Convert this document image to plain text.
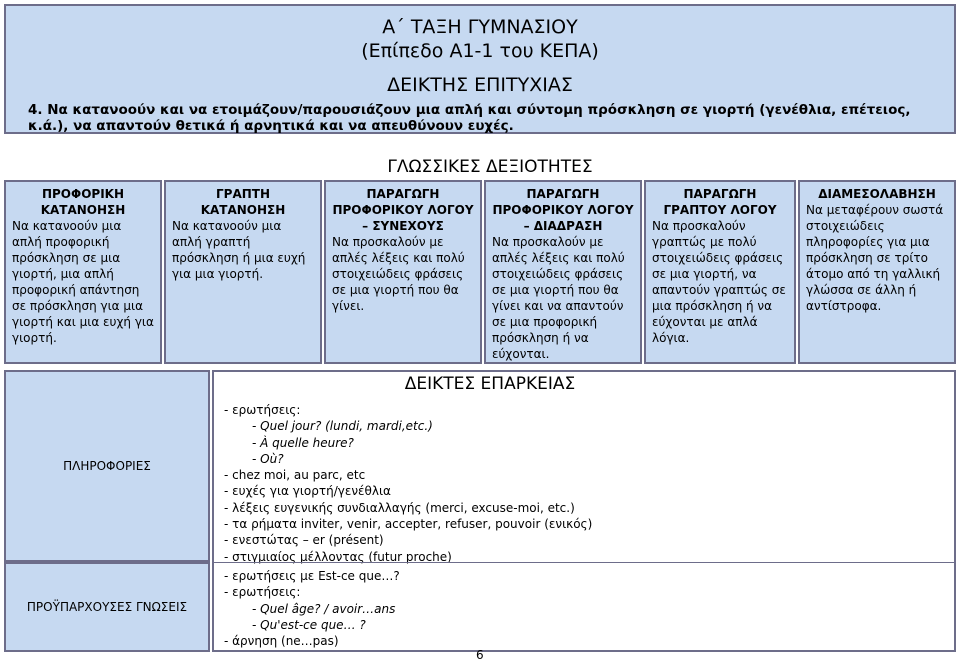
Α΄ ΤΑΞΗ ΓΥΜΝΑΣΙΟΥ
(Επίπεδο Α1-1 του ΚΕΠΑ)
ΔΕΙΚΤΗΣ ΕΠΙΤΥΧΙΑΣ
4. Να κατανοούν και να ετοιμάζουν/παρουσιάζουν μια απλή και σύντομη πρόσκληση σε γιορτή (γενέθλια, επέτειος, κ.ά.), να απαντούν θετικά ή αρνητικά και να απευθύνουν ευχές.
ΓΛΩΣΣΙΚΕΣ ΔΕΞΙΟΤΗΤΕΣ
ΠΡΟΦΟΡΙΚΗ ΚΑΤΑΝΟΗΣΗ
Να κατανοούν μια απλή προφορική πρόσκληση σε μια γιορτή, μια απλή προφορική απάντηση σε πρόσκληση για μια γιορτή και μια ευχή για γιορτή.
ΓΡΑΠΤΗ ΚΑΤΑΝΟΗΣΗ
Να κατανοούν μια απλή γραπτή πρόσκληση ή μια ευχή για μια γιορτή.
ΠΑΡΑΓΩΓΗ ΠΡΟΦΟΡΙΚΟΥ ΛΟΓΟΥ – ΣΥΝΕΧΟΥΣ
Να προσκαλούν με απλές λέξεις και πολύ στοιχειώδεις φράσεις σε μια γιορτή που θα γίνει.
ΠΑΡΑΓΩΓΗ ΠΡΟΦΟΡΙΚΟΥ ΛΟΓΟΥ – ΔΙΑΔΡΑΣΗ
Να προσκαλούν με απλές λέξεις και πολύ στοιχειώδεις φράσεις σε μια γιορτή που θα γίνει και να απαντούν σε μια προφορική πρόσκληση ή να εύχονται.
ΠΑΡΑΓΩΓΗ ΓΡΑΠΤΟΥ ΛΟΓΟΥ
Να προσκαλούν γραπτώς με πολύ στοιχειώδεις φράσεις σε μια γιορτή, να απαντούν γραπτώς σε μια πρόσκληση ή να εύχονται με απλά λόγια.
ΔΙΑΜΕΣΟΛΑΒΗΣΗ
Να μεταφέρουν σωστά στοιχειώδεις πληροφορίες για μια πρόσκληση σε τρίτο άτομο από τη γαλλική γλώσσα σε άλλη ή αντίστροφα.
ΠΛΗΡΟΦΟΡΙΕΣ
ΠΡΟΫΠΑΡΧΟΥΣΕΣ ΓΝΩΣΕΙΣ
- ερωτήσεις:
- Quel jour? (lundi, mardi,etc.)
- À quelle heure?
- Où?
- chez moi, au parc, etc
- ευχές για γιορτή/γενέθλια
- λέξεις ευγενικής συνδιαλλαγής (merci, excuse-moi, etc.)
- τα ρήματα inviter, venir, accepter, refuser, pouvoir (ενικός)
- ενεστώτας – er (présent)
- στιγμιαίος μέλλοντας (futur proche)
- ερωτήσεις με Est-ce que…?
- ερωτήσεις:
- Quel âge? / avoir…ans
- Qu'est-ce que… ?
- άρνηση (ne…pas)
ΔΕΙΚΤΕΣ ΕΠΑΡΚΕΙΑΣ
6
